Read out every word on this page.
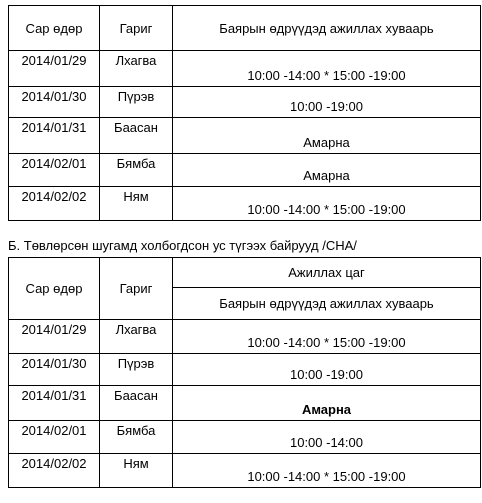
Сар өдөр	Гариг	Баярын өдрүүдэд ажиллах хуваарь
2014/01/29	Лхагва	10:00 -14:00 * 15:00 -19:00
2014/01/30	Пүрэв	10:00 -19:00
2014/01/31	Баасан	Амарна
2014/02/01	Бямба	Амарна
2014/02/02	Ням	10:00 -14:00 * 15:00 -19:00
Б. Төвлөрсөн шугамд холбогдсон ус түгээх байрууд /СНА/
Сар өдөр	Гариг	Ажиллах цаг
		Баярын өдрүүдэд ажиллах хуваарь
2014/01/29	Лхагва	10:00 -14:00 * 15:00 -19:00
2014/01/30	Пүрэв	10:00 -19:00
2014/01/31	Баасан	Амарна
2014/02/01	Бямба	10:00 -14:00
2014/02/02	Ням	10:00 -14:00 * 15:00 -19:00
